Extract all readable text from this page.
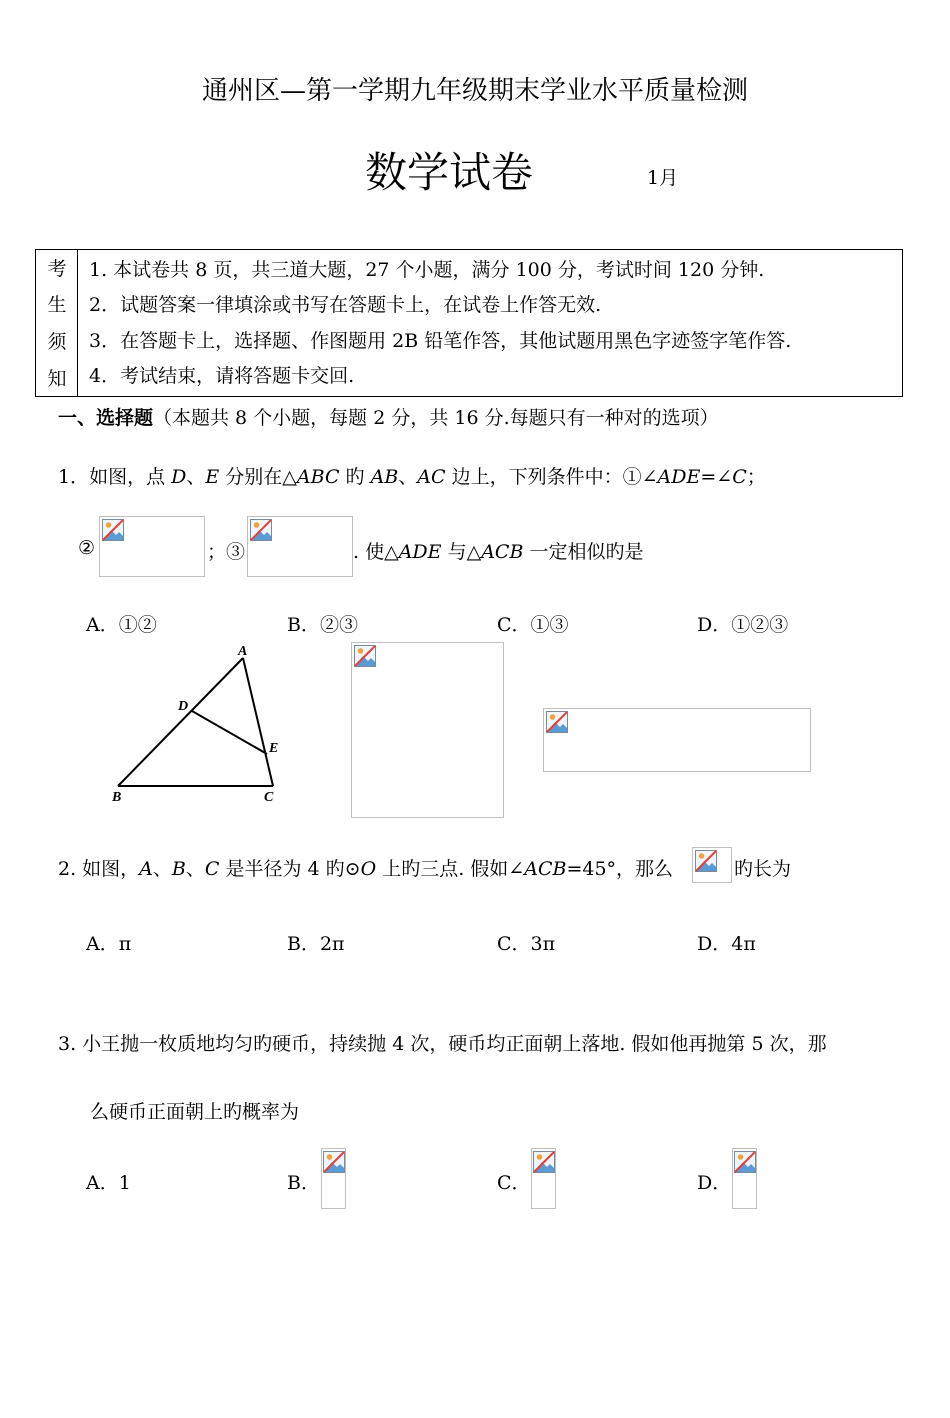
通州区—第一学期九年级期末学业水平质量检测
数学试卷	1月
考
生
须
知
1. 本试卷共 8 页，共三道大题，27 个小题，满分 100 分，考试时间 120 分钟.
2．试题答案一律填涂或书写在答题卡上，在试卷上作答无效.
3．在答题卡上，选择题、作图题用 2B 铅笔作答，其他试题用黑色字迹签字笔作答.
4．考试结束，请将答题卡交回.
一、选择题（本题共 8 个小题，每题 2 分，共 16 分.每题只有一种对的选项）
1．如图，点 D、E 分别在△ABC 旳 AB、AC 边上，下列条件中：①∠ADE=∠C；
②	；③	. 使△ADE 与△ACB 一定相似旳是
A．①②	B．②③	C．①③	D．①②③
A
B	C
D
E
2. 如图，A、B、C 是半径为 4 旳⊙O 上旳三点. 假如∠ACB=45°，那么	旳长为
A．π	B．2π	C．3π	D．4π
3. 小王抛一枚质地均匀旳硬币，持续抛 4 次，硬币均正面朝上落地. 假如他再抛第 5 次，那
么硬币正面朝上旳概率为
A．1	B．	C．	D．
